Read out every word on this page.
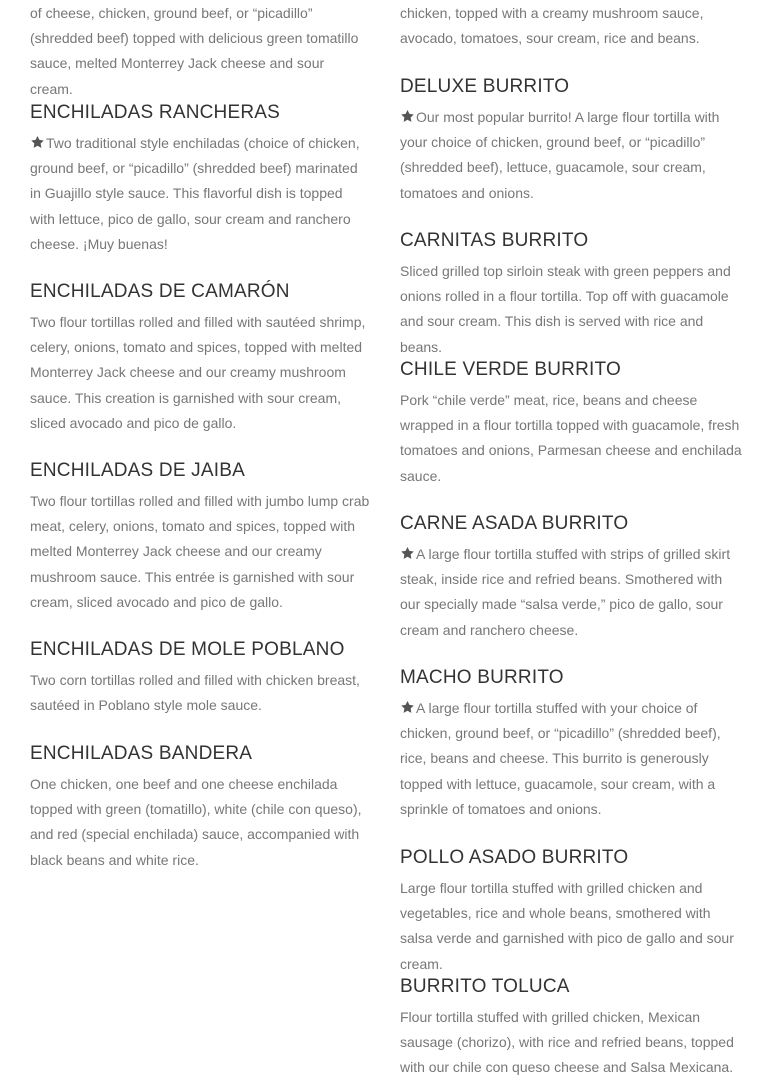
of cheese, chicken, ground beef, or “picadillo” (shredded beef) topped with delicious green tomatillo sauce, melted Monterrey Jack cheese and sour cream.

ENCHILADAS RANCHERAS

Two traditional style enchiladas (choice of chicken, ground beef, or “picadillo” (shredded beef) marinated in Guajillo style sauce. This flavorful dish is topped with lettuce, pico de gallo, sour cream and ranchero cheese. ¡Muy buenas!

ENCHILADAS DE CAMARÓN

Two flour tortillas rolled and filled with sautéed shrimp, celery, onions, tomato and spices, topped with melted Monterrey Jack cheese and our creamy mushroom sauce. This creation is garnished with sour cream, sliced avocado and pico de gallo.

ENCHILADAS DE JAIBA

Two flour tortillas rolled and filled with jumbo lump crab meat, celery, onions, tomato and spices, topped with melted Monterrey Jack cheese and our creamy mushroom sauce. This entrée is garnished with sour cream, sliced avocado and pico de gallo.

ENCHILADAS DE MOLE POBLANO

Two corn tortillas rolled and filled with chicken breast, sautéed in Poblano style mole sauce.

ENCHILADAS BANDERA

One chicken, one beef and one cheese enchilada topped with green (tomatillo), white (chile con queso), and red (special enchilada) sauce, accompanied with black beans and white rice.

chicken, topped with a creamy mushroom sauce, avocado, tomatoes, sour cream, rice and beans.

DELUXE BURRITO

Our most popular burrito! A large flour tortilla with your choice of chicken, ground beef, or “picadillo” (shredded beef), lettuce, guacamole, sour cream, tomatoes and onions.

CARNITAS BURRITO

Sliced grilled top sirloin steak with green peppers and onions rolled in a flour tortilla. Top off with guacamole and sour cream. This dish is served with rice and beans.

CHILE VERDE BURRITO

Pork “chile verde” meat, rice, beans and cheese wrapped in a flour tortilla topped with guacamole, fresh tomatoes and onions, Parmesan cheese and enchilada sauce.

CARNE ASADA BURRITO

A large flour tortilla stuffed with strips of grilled skirt steak, inside rice and refried beans. Smothered with our specially made “salsa verde,” pico de gallo, sour cream and ranchero cheese.

MACHO BURRITO

A large flour tortilla stuffed with your choice of chicken, ground beef, or “picadillo” (shredded beef), rice, beans and cheese. This burrito is generously topped with lettuce, guacamole, sour cream, with a sprinkle of tomatoes and onions.

POLLO ASADO BURRITO

Large flour tortilla stuffed with grilled chicken and vegetables, rice and whole beans, smothered with salsa verde and garnished with pico de gallo and sour cream.

BURRITO TOLUCA

Flour tortilla stuffed with grilled chicken, Mexican sausage (chorizo), with rice and refried beans, topped with our chile con queso cheese and Salsa Mexicana.
